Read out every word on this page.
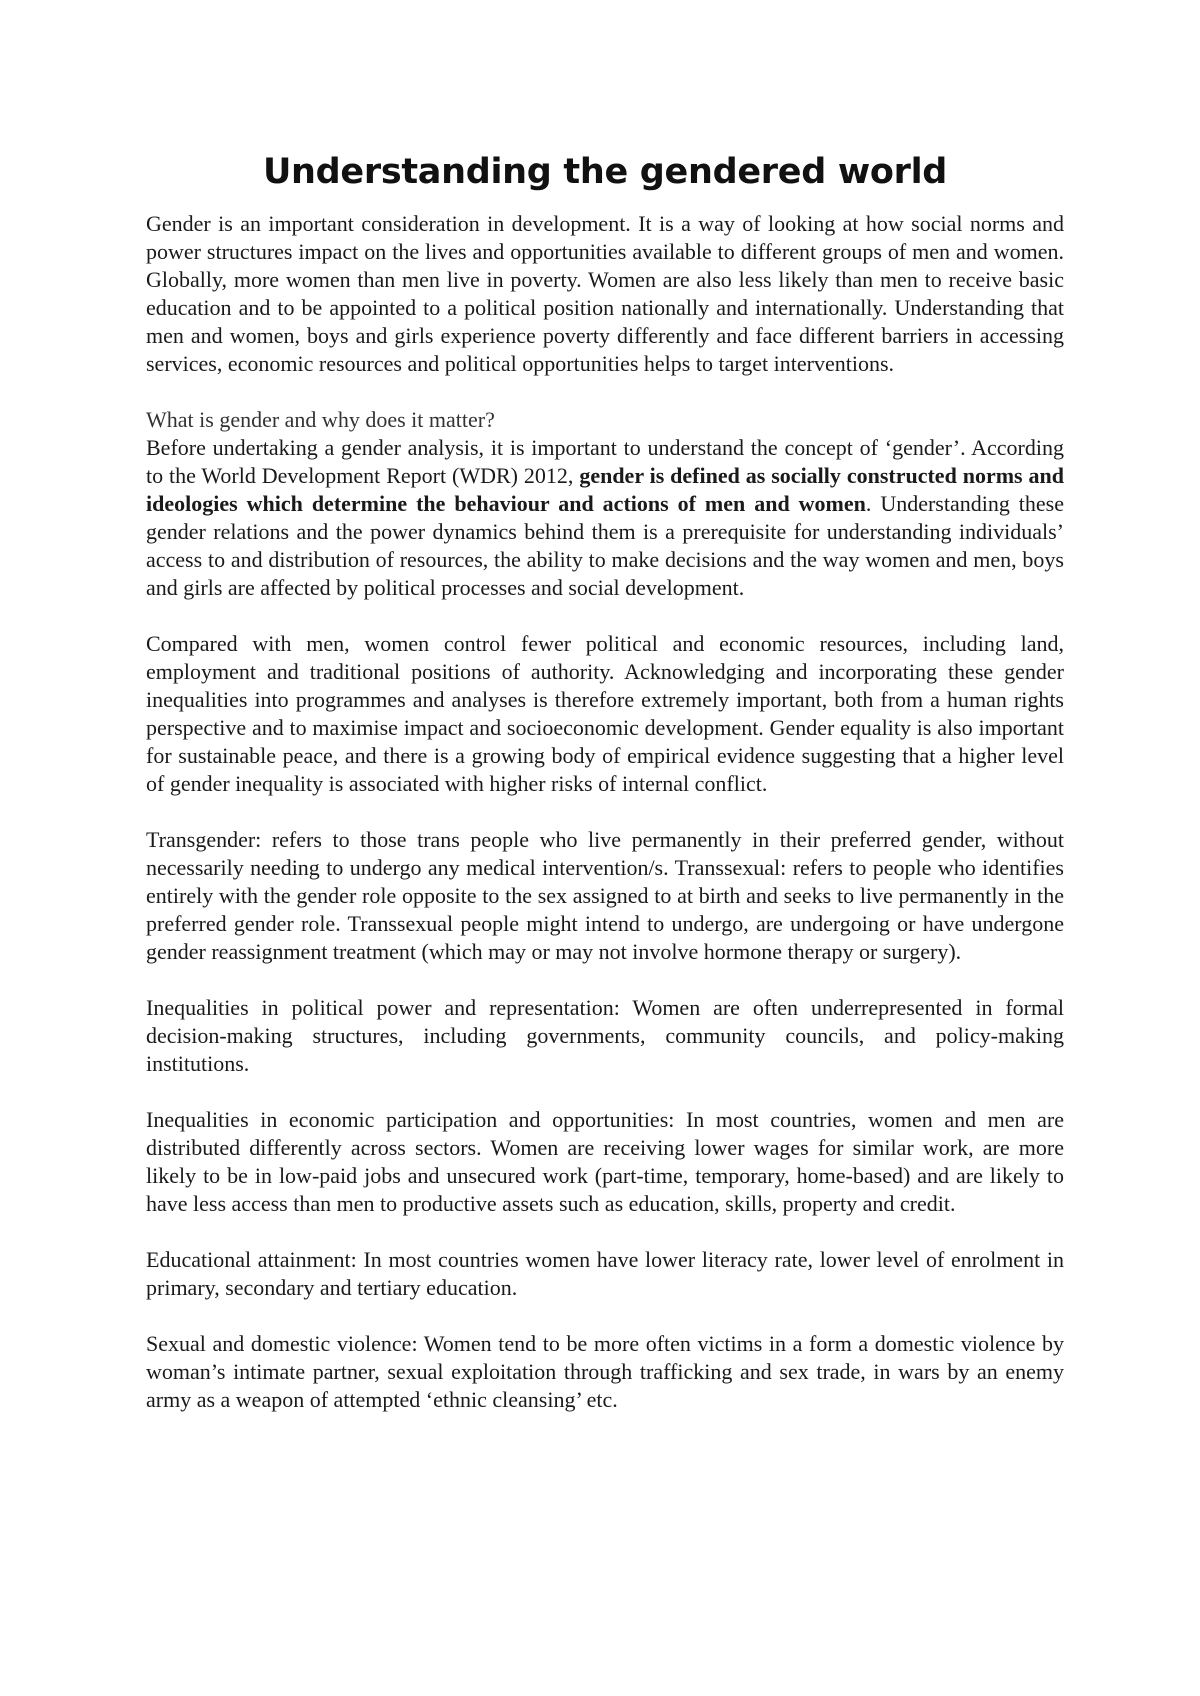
Understanding the gendered world

Gender is an important consideration in development. It is a way of looking at how social norms and power structures impact on the lives and opportunities available to different groups of men and women. Globally, more women than men live in poverty. Women are also less likely than men to receive basic education and to be appointed to a political position nationally and internationally. Understanding that men and women, boys and girls experience poverty differently and face different barriers in accessing services, economic resources and political opportunities helps to target interventions.

What is gender and why does it matter?

Before undertaking a gender analysis, it is important to understand the concept of ‘gender’. According to the World Development Report (WDR) 2012, gender is defined as socially constructed norms and ideologies which determine the behaviour and actions of men and women. Understanding these gender relations and the power dynamics behind them is a prerequisite for understanding individuals’ access to and distribution of resources, the ability to make decisions and the way women and men, boys and girls are affected by political processes and social development.

Compared with men, women control fewer political and economic resources, including land, employment and traditional positions of authority. Acknowledging and incorporating these gender inequalities into programmes and analyses is therefore extremely important, both from a human rights perspective and to maximise impact and socioeconomic development. Gender equality is also important for sustainable peace, and there is a growing body of empirical evidence suggesting that a higher level of gender inequality is associated with higher risks of internal conflict.

Transgender: refers to those trans people who live permanently in their preferred gender, without necessarily needing to undergo any medical intervention/s. Transsexual: refers to people who identifies entirely with the gender role opposite to the sex assigned to at birth and seeks to live permanently in the preferred gender role. Transsexual people might intend to undergo, are undergoing or have undergone gender reassignment treatment (which may or may not involve hormone therapy or surgery).

Inequalities in political power and representation: Women are often underrepresented in formal decision-making structures, including governments, community councils, and policy-making institutions.

Inequalities in economic participation and opportunities: In most countries, women and men are distributed differently across sectors. Women are receiving lower wages for similar work, are more likely to be in low-paid jobs and unsecured work (part-time, temporary, home-based) and are likely to have less access than men to productive assets such as education, skills, property and credit.

Educational attainment: In most countries women have lower literacy rate, lower level of enrolment in primary, secondary and tertiary education.

Sexual and domestic violence: Women tend to be more often victims in a form a domestic violence by woman’s intimate partner, sexual exploitation through trafficking and sex trade, in wars by an enemy army as a weapon of attempted ‘ethnic cleansing’ etc.
